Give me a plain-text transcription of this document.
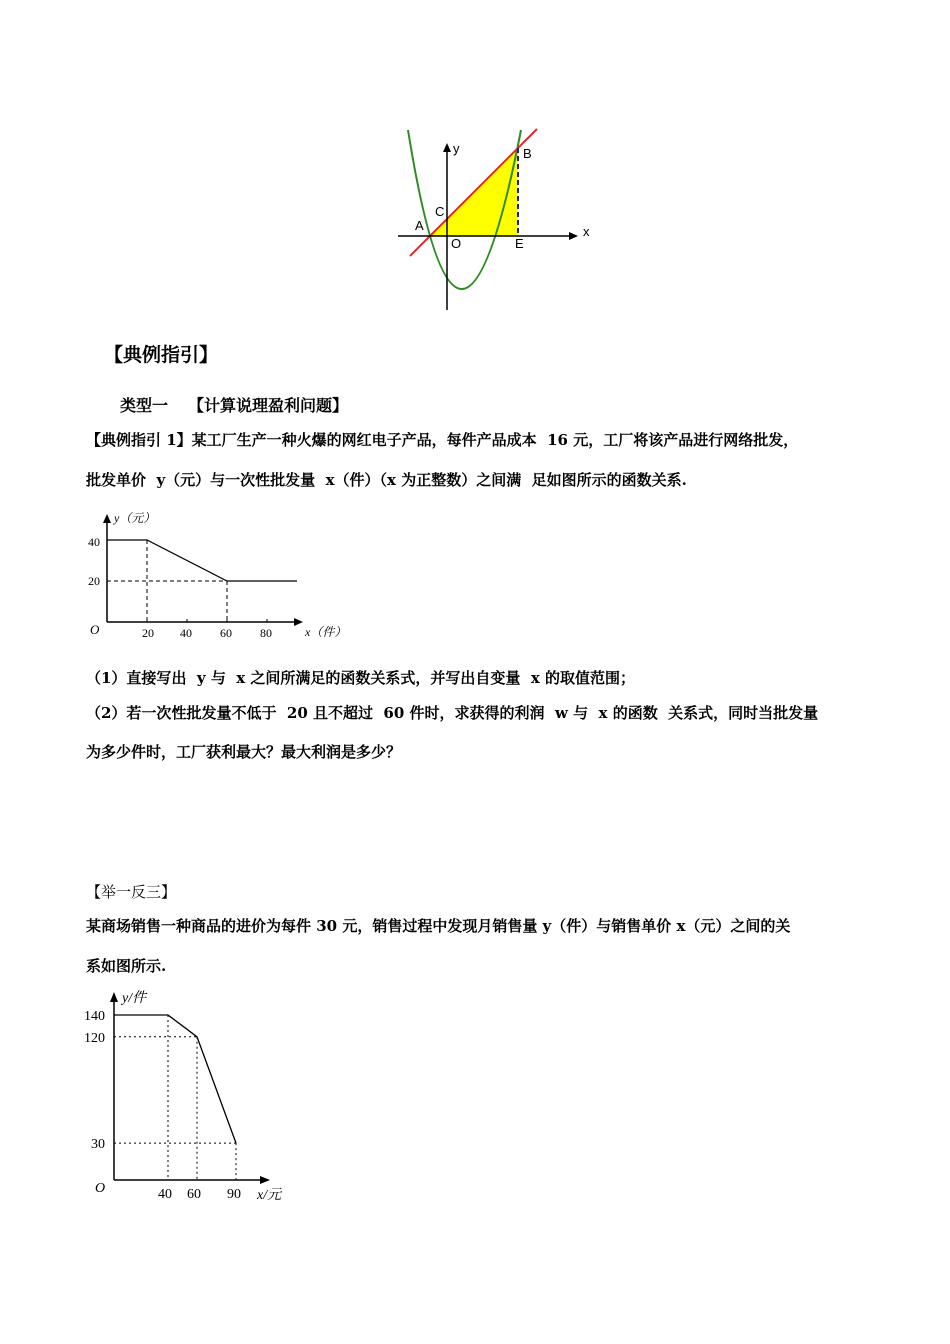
y
x
B
C
A
O	E
【典例指引】
类型一 【计算说理盈利问题】
【典例指引 1】某工厂生产一种火爆的网红电子产品，每件产品成本  16 元，工厂将该产品进行网络批发，
批发单价  y（元）与一次性批发量  x（件）（x 为正整数）之间满  足如图所示的函数关系.
y（元）
x（件）
O
40
20
20 40 60 80
（1）直接写出  y 与  x 之间所满足的函数关系式，并写出自变量  x 的取值范围；
（2）若一次性批发量不低于  20 且不超过  60 件时，求获得的利润  w 与  x 的函数  关系式，同时当批发量
为多少件时，工厂获利最大？最大利润是多少？
【举一反三】
某商场销售一种商品的进价为每件 30 元，销售过程中发现月销售量 y（件）与销售单价 x（元）之间的关
系如图所示.
y/件
x/元
O
140
120
30
40 60 90
